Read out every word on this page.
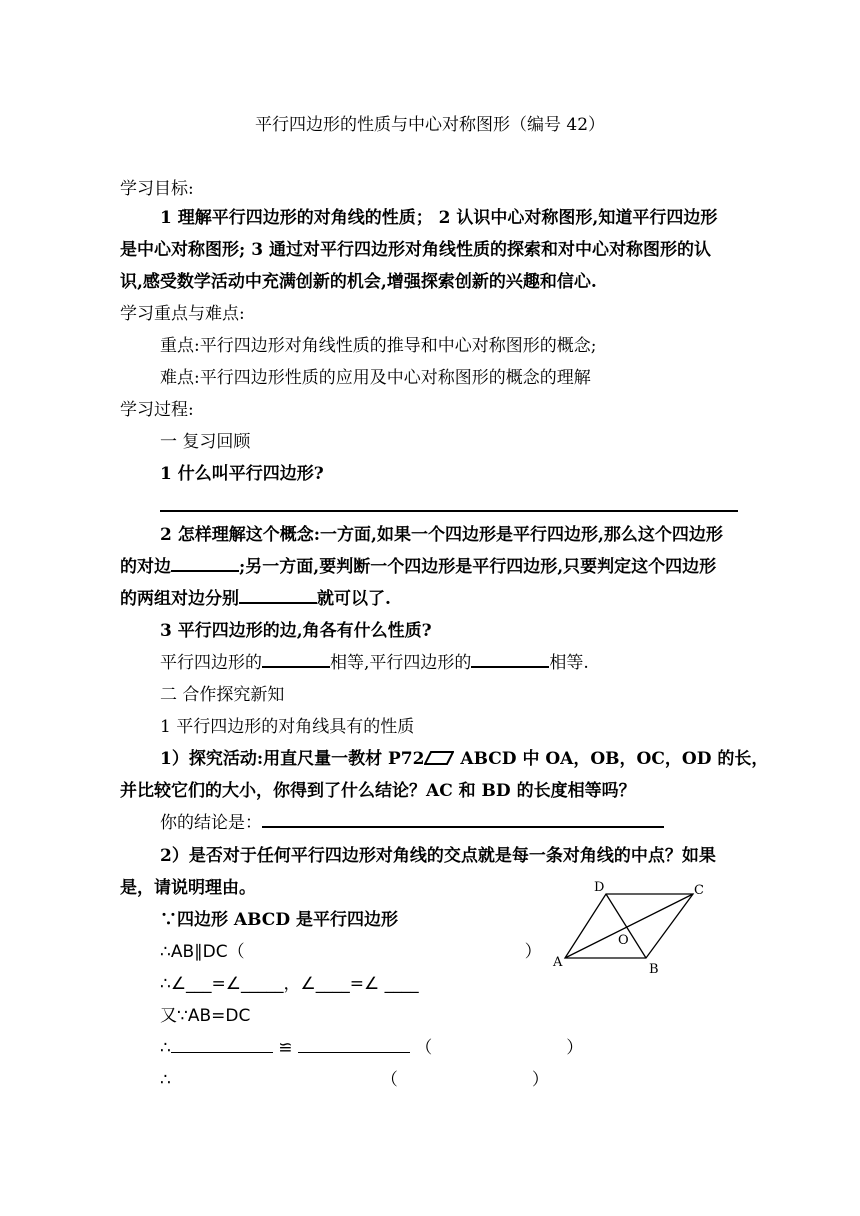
平行四边形的性质与中心对称图形（编号 42）
学习目标:
1 理解平行四边形的对角线的性质； 2 认识中心对称图形,知道平行四边形
是中心对称图形; 3 通过对平行四边形对角线性质的探索和对中心对称图形的认
识,感受数学活动中充满创新的机会,增强探索创新的兴趣和信心.
学习重点与难点:
重点:平行四边形对角线性质的推导和中心对称图形的概念;
难点:平行四边形性质的应用及中心对称图形的概念的理解
学习过程:
一 复习回顾
1 什么叫平行四边形?
2 怎样理解这个概念:一方面,如果一个四边形是平行四边形,那么这个四边形
的对边	;另一方面,要判断一个四边形是平行四边形,只要判定这个四边形
的两组对边分别	就可以了.
3 平行四边形的边,角各有什么性质?
平行四边形的	相等,平行四边形的	相等.
二 合作探究新知
1 平行四边形的对角线具有的性质
1）探究活动:用直尺量一教材 P72 ABCD 中 OA，OB，OC，OD 的长，
并比较它们的大小，你得到了什么结论？AC 和 BD 的长度相等吗？
你的结论是：
2）是否对于任何平行四边形对角线的交点就是每一条对角线的中点？如果
是，请说明理由。
∵四边形 ABCD 是平行四边形
∴AB∥DC（	）
∴∠___=∠_____，∠____=∠ ____
又∵AB=DC
∴	≌	（	）
∴	（	）
D	C
A	B
O
